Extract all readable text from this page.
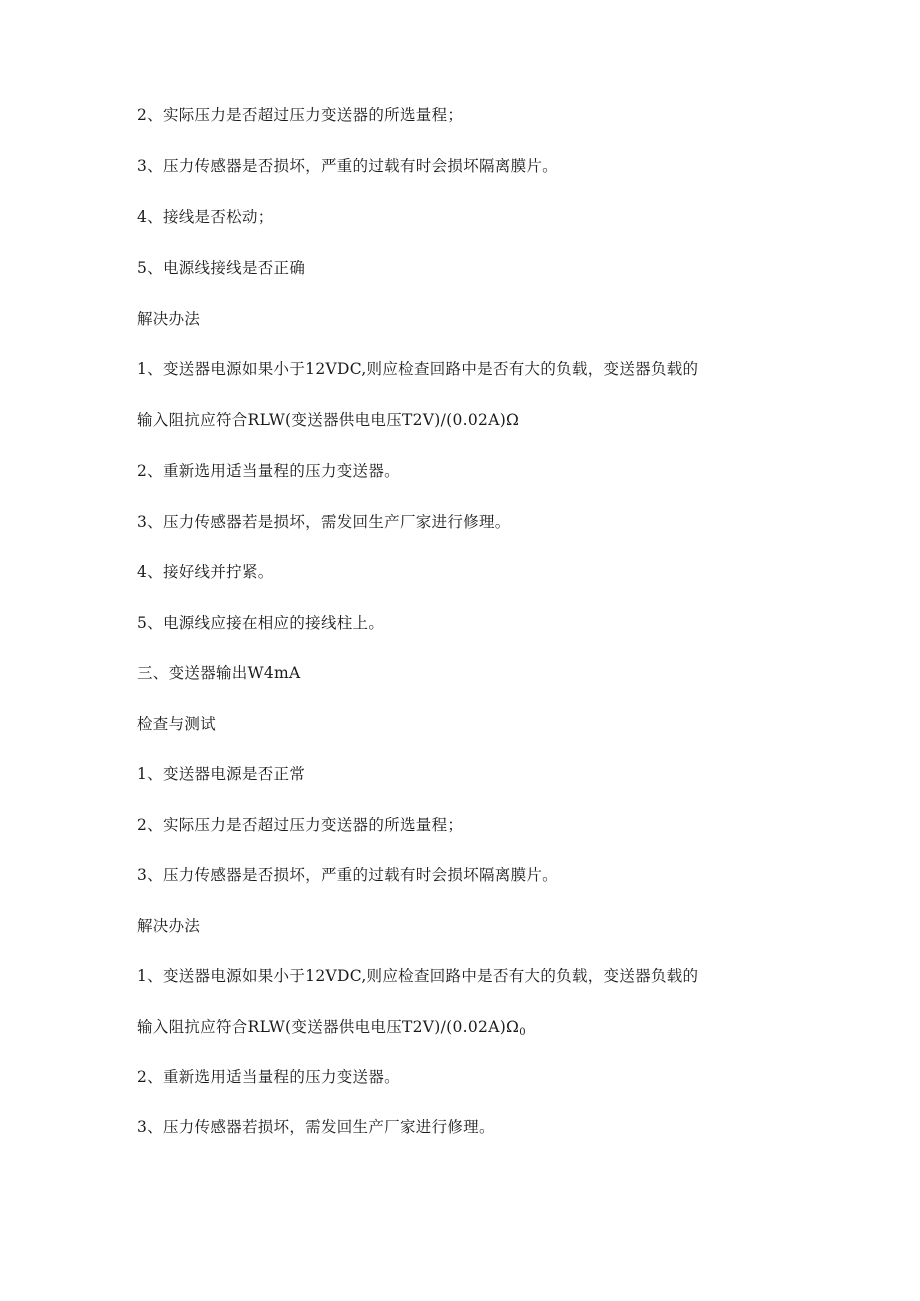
2、实际压力是否超过压力变送器的所选量程；
3、压力传感器是否损坏，严重的过载有时会损坏隔离膜片。
4、接线是否松动；
5、电源线接线是否正确
解决办法
1、变送器电源如果小于12VDC,则应检查回路中是否有大的负载，变送器负载的
输入阻抗应符合RLW(变送器供电电压T2V)/(0.02A)Ω
2、重新选用适当量程的压力变送器。
3、压力传感器若是损坏，需发回生产厂家进行修理。
4、接好线并拧紧。
5、电源线应接在相应的接线柱上。
三、变送器输出W4mA
检查与测试
1、变送器电源是否正常
2、实际压力是否超过压力变送器的所选量程；
3、压力传感器是否损坏，严重的过载有时会损坏隔离膜片。
解决办法
1、变送器电源如果小于12VDC,则应检查回路中是否有大的负载，变送器负载的
输入阻抗应符合RLW(变送器供电电压$T2V)/(0.02A)\Omega_0$
2、重新选用适当量程的压力变送器。
3、压力传感器若损坏，需发回生产厂家进行修理。
